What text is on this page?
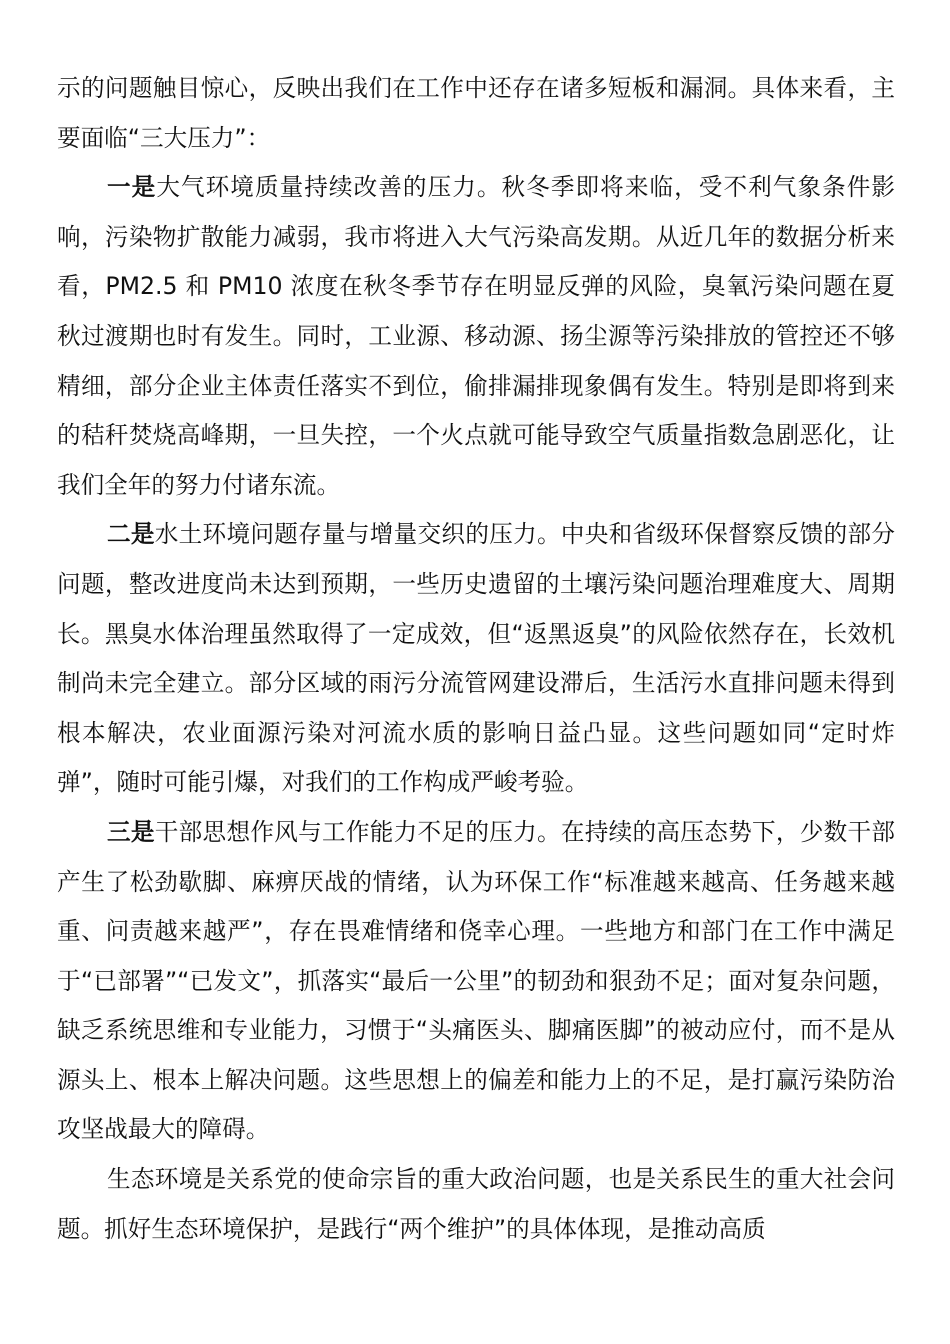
示的问题触目惊心，反映出我们在工作中还存在诸多短板和漏洞。具体来看，主要面临“三大压力”：

一是大气环境质量持续改善的压力。秋冬季即将来临，受不利气象条件影响，污染物扩散能力减弱，我市将进入大气污染高发期。从近几年的数据分析来看，PM2.5 和 PM10 浓度在秋冬季节存在明显反弹的风险，臭氧污染问题在夏秋过渡期也时有发生。同时，工业源、移动源、扬尘源等污染排放的管控还不够精细，部分企业主体责任落实不到位，偷排漏排现象偶有发生。特别是即将到来的秸秆焚烧高峰期，一旦失控，一个火点就可能导致空气质量指数急剧恶化，让我们全年的努力付诸东流。

二是水土环境问题存量与增量交织的压力。中央和省级环保督察反馈的部分问题，整改进度尚未达到预期，一些历史遗留的土壤污染问题治理难度大、周期长。黑臭水体治理虽然取得了一定成效，但“返黑返臭”的风险依然存在，长效机制尚未完全建立。部分区域的雨污分流管网建设滞后，生活污水直排问题未得到根本解决，农业面源污染对河流水质的影响日益凸显。这些问题如同“定时炸弹”，随时可能引爆，对我们的工作构成严峻考验。

三是干部思想作风与工作能力不足的压力。在持续的高压态势下，少数干部产生了松劲歇脚、麻痹厌战的情绪，认为环保工作“标准越来越高、任务越来越重、问责越来越严”，存在畏难情绪和侥幸心理。一些地方和部门在工作中满足于“已部署”“已发文”，抓落实“最后一公里”的韧劲和狠劲不足；面对复杂问题，缺乏系统思维和专业能力，习惯于“头痛医头、脚痛医脚”的被动应付，而不是从源头上、根本上解决问题。这些思想上的偏差和能力上的不足，是打赢污染防治攻坚战最大的障碍。

生态环境是关系党的使命宗旨的重大政治问题，也是关系民生的重大社会问题。抓好生态环境保护，是践行“两个维护”的具体体现，是推动高质
